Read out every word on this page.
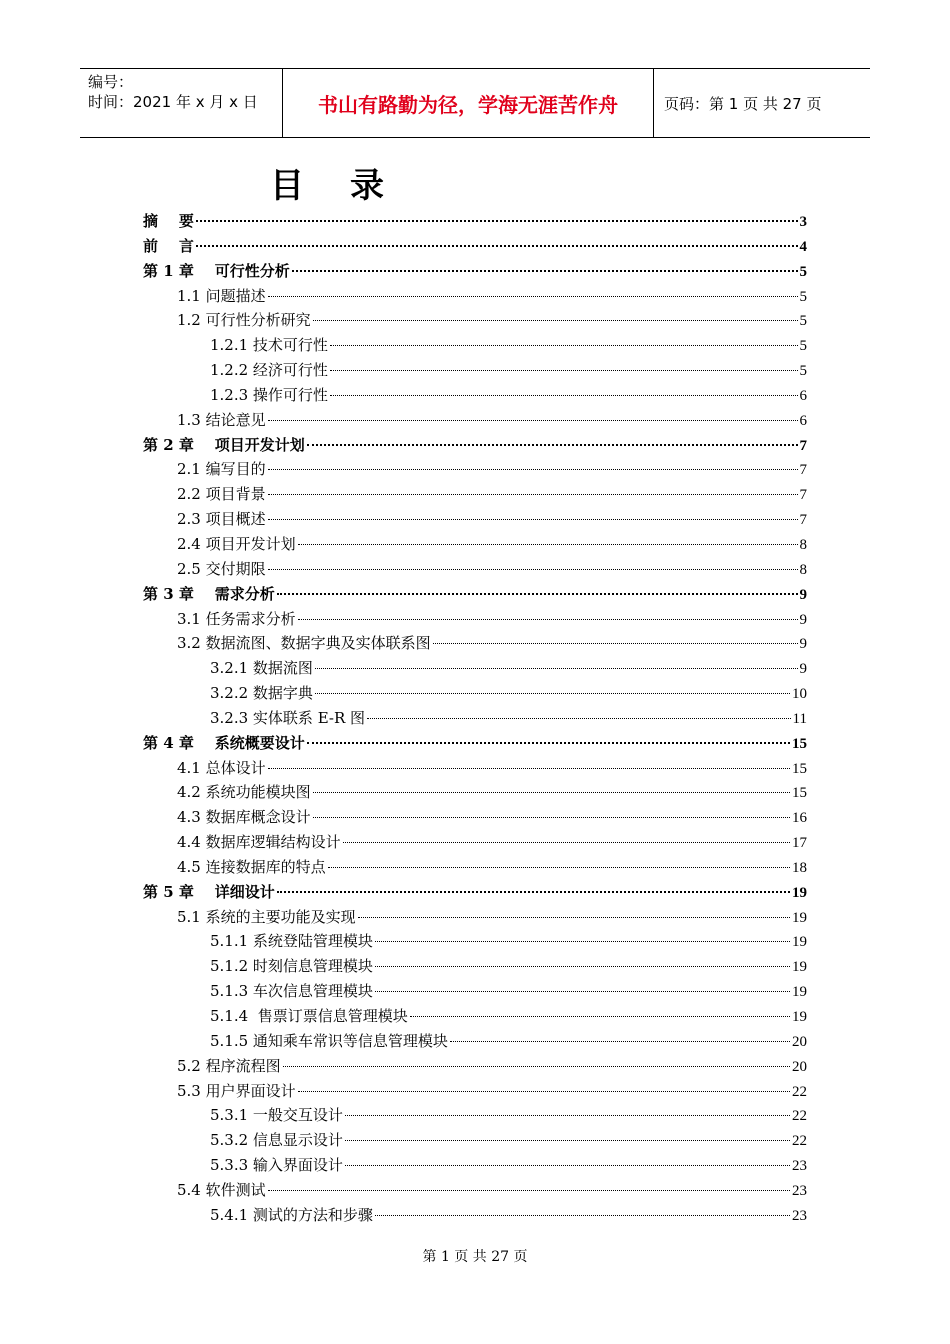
编号：
时间：2021 年 x 月 x 日	书山有路勤为径，学海无涯苦作舟	页码：第 1 页 共 27 页
目录
摘    要	3
前    言	4
第 1 章    可行性分析	5
1.1 问题描述	5
1.2 可行性分析研究	5
1.2.1 技术可行性	5
1.2.2 经济可行性	5
1.2.3 操作可行性	6
1.3 结论意见	6
第 2 章    项目开发计划	7
2.1 编写目的	7
2.2 项目背景	7
2.3 项目概述	7
2.4 项目开发计划	8
2.5 交付期限	8
第 3 章    需求分析	9
3.1 任务需求分析	9
3.2 数据流图、数据字典及实体联系图	9
3.2.1 数据流图	9
3.2.2 数据字典	10
3.2.3 实体联系 E-R 图	11
第 4 章    系统概要设计	15
4.1 总体设计	15
4.2 系统功能模块图	15
4.3 数据库概念设计	16
4.4 数据库逻辑结构设计	17
4.5 连接数据库的特点	18
第 5 章    详细设计	19
5.1 系统的主要功能及实现	19
5.1.1 系统登陆管理模块	19
5.1.2 时刻信息管理模块	19
5.1.3 车次信息管理模块	19
5.1.4  售票订票信息管理模块	19
5.1.5 通知乘车常识等信息管理模块	20
5.2 程序流程图	20
5.3 用户界面设计	22
5.3.1 一般交互设计	22
5.3.2 信息显示设计	22
5.3.3 输入界面设计	23
5.4 软件测试	23
5.4.1 测试的方法和步骤	23
第 1 页 共 27 页
